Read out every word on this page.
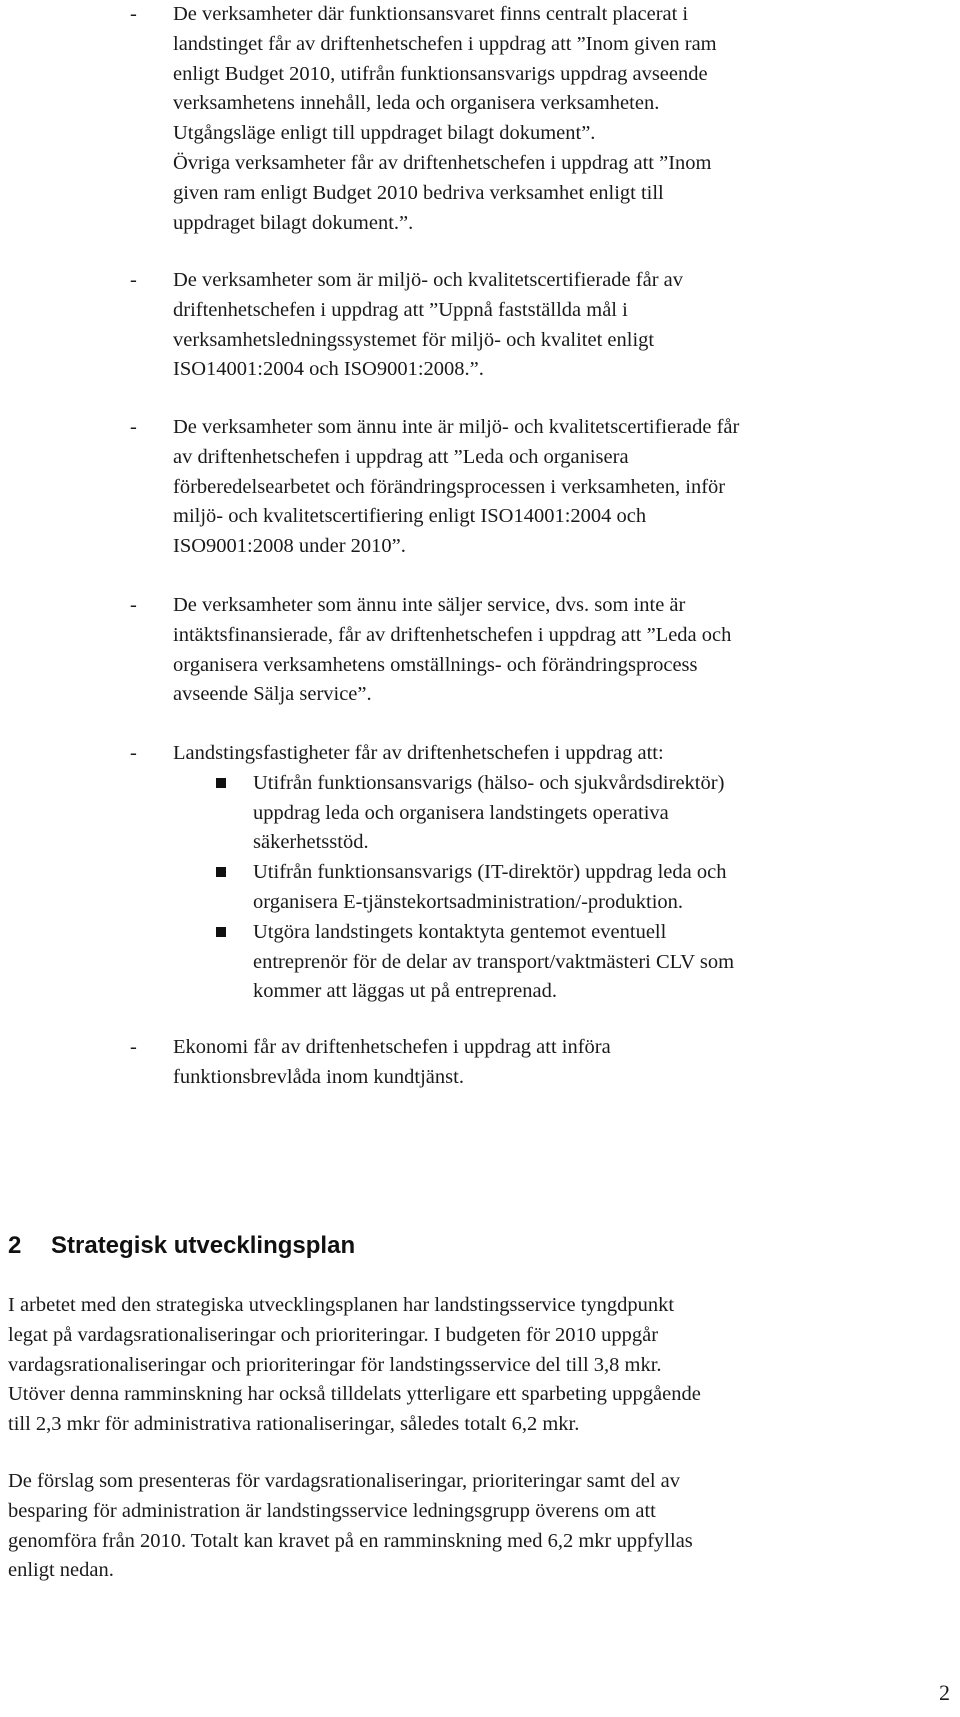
-	De verksamheter där funktionsansvaret finns centralt placerat i
landstinget får av driftenhetschefen i uppdrag att ”Inom given ram
enligt Budget 2010, utifrån funktionsansvarigs uppdrag avseende
verksamhetens innehåll, leda och organisera verksamheten.
Utgångsläge enligt till uppdraget bilagt dokument”.
Övriga verksamheter får av driftenhetschefen i uppdrag att ”Inom
given ram enligt Budget 2010 bedriva verksamhet enligt till
uppdraget bilagt dokument.”.
-	De verksamheter som är miljö- och kvalitetscertifierade får av
driftenhetschefen i uppdrag att ”Uppnå fastställda mål i
verksamhetsledningssystemet för miljö- och kvalitet enligt
ISO14001:2004 och ISO9001:2008.”.
-	De verksamheter som ännu inte är miljö- och kvalitetscertifierade får
av driftenhetschefen i uppdrag att ”Leda och organisera
förberedelsearbetet och förändringsprocessen i verksamheten, inför
miljö- och kvalitetscertifiering enligt ISO14001:2004 och
ISO9001:2008 under 2010”.
-	De verksamheter som ännu inte säljer service, dvs. som inte är
intäktsfinansierade, får av driftenhetschefen i uppdrag att ”Leda och
organisera verksamhetens omställnings- och förändringsprocess
avseende Sälja service”.
-	Landstingsfastigheter får av driftenhetschefen i uppdrag att:
Utifrån funktionsansvarigs (hälso- och sjukvårdsdirektör)
uppdrag leda och organisera landstingets operativa
säkerhetsstöd.
Utifrån funktionsansvarigs (IT-direktör) uppdrag leda och
organisera E-tjänstekortsadministration/-produktion.
Utgöra landstingets kontaktyta gentemot eventuell
entreprenör för de delar av transport/vaktmästeri CLV som
kommer att läggas ut på entreprenad.
-	Ekonomi får av driftenhetschefen i uppdrag att införa
funktionsbrevlåda inom kundtjänst.
2 Strategisk utvecklingsplan
I arbetet med den strategiska utvecklingsplanen har landstingsservice tyngdpunkt
legat på vardagsrationaliseringar och prioriteringar. I budgeten för 2010 uppgår
vardagsrationaliseringar och prioriteringar för landstingsservice del till 3,8 mkr.
Utöver denna ramminskning har också tilldelats ytterligare ett sparbeting uppgående
till 2,3 mkr för administrativa rationaliseringar, således totalt 6,2 mkr.
De förslag som presenteras för vardagsrationaliseringar, prioriteringar samt del av
besparing för administration är landstingsservice ledningsgrupp överens om att
genomföra från 2010. Totalt kan kravet på en ramminskning med 6,2 mkr uppfyllas
enligt nedan.
2
